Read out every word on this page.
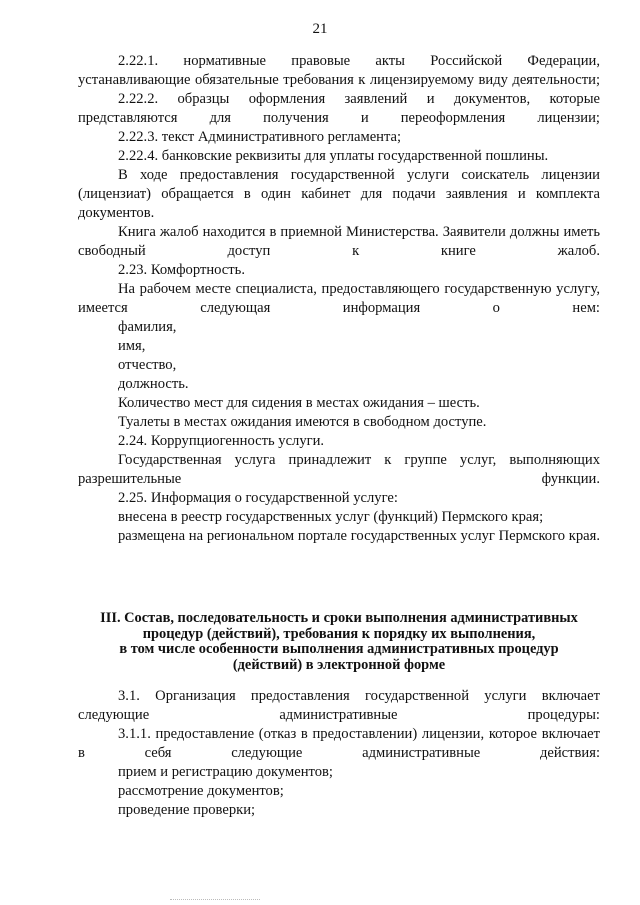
21

2.22.1. нормативные правовые акты Российской Федерации, устанавливающие обязательные требования к лицензируемому виду деятельности;

2.22.2. образцы оформления заявлений и документов, которые представляются для получения и переоформления лицензии;

2.22.3. текст Административного регламента;

2.22.4. банковские реквизиты для уплаты государственной пошлины.

В ходе предоставления государственной услуги соискатель лицензии (лицензиат) обращается в один кабинет для подачи заявления и комплекта документов.

Книга жалоб находится в приемной Министерства. Заявители должны иметь свободный доступ к книге жалоб.

2.23. Комфортность.

На рабочем месте специалиста, предоставляющего государственную услугу, имеется следующая информация о нем:

фамилия,

имя,

отчество,

должность.

Количество мест для сидения в местах ожидания – шесть.

Туалеты в местах ожидания имеются в свободном доступе.

2.24. Коррупциогенность услуги.

Государственная услуга принадлежит к группе услуг, выполняющих разрешительные функции.

2.25. Информация о государственной услуге:

внесена в реестр государственных услуг (функций) Пермского края;

размещена на региональном портале государственных услуг Пермского края.

III. Состав, последовательность и сроки выполнения административных
процедур (действий), требования к порядку их выполнения,
в том числе особенности выполнения административных процедур
(действий) в электронной форме

3.1. Организация предоставления государственной услуги включает следующие административные процедуры:

3.1.1. предоставление (отказ в предоставлении) лицензии, которое включает в себя следующие административные действия:

прием и регистрацию документов;

рассмотрение документов;

проведение проверки;
